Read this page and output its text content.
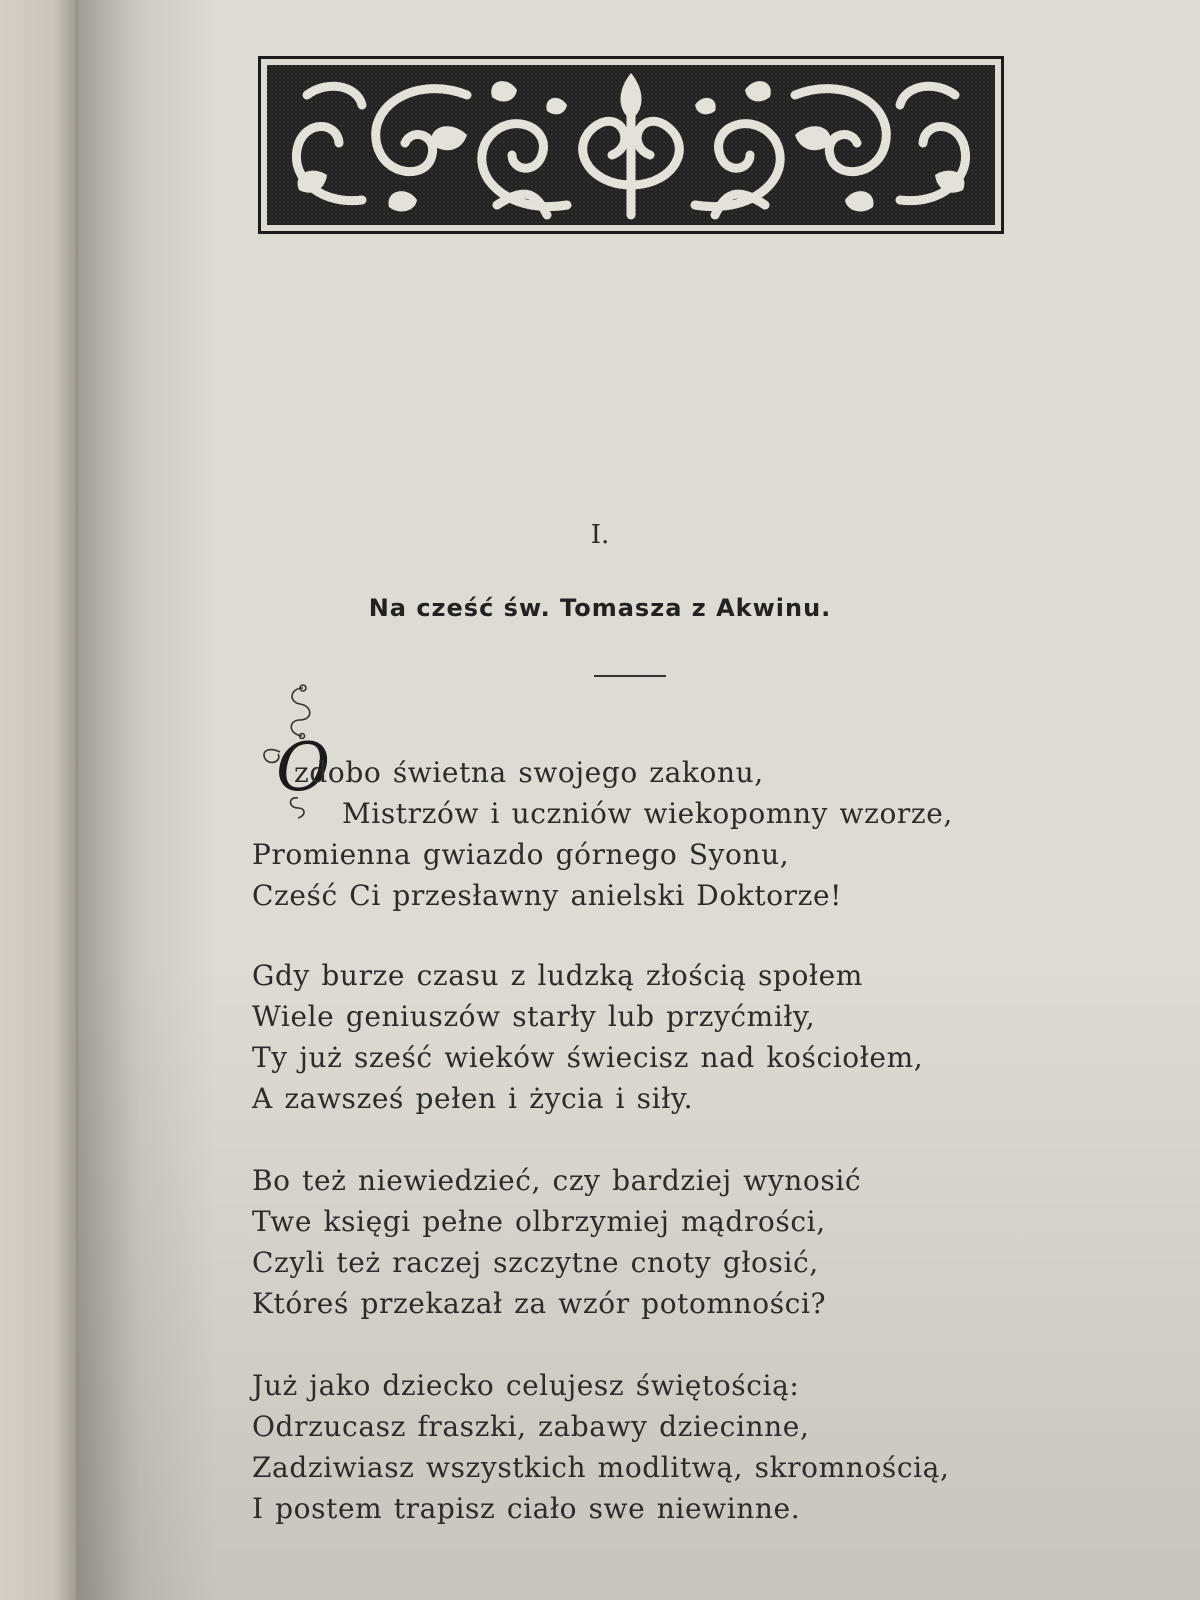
I.
Na cześć św. Tomasza z Akwinu.
O
zdobo świetna swojego zakonu,
Mistrzów i uczniów wiekopomny wzorze,
Promienna gwiazdo górnego Syonu,
Cześć Ci przesławny anielski Doktorze!
Gdy burze czasu z ludzką złością społem
Wiele geniuszów starły lub przyćmiły,
Ty już sześć wieków świecisz nad kościołem,
A zawsześ pełen i życia i siły.
Bo też niewiedzieć, czy bardziej wynosić
Twe księgi pełne olbrzymiej mądrości,
Czyli też raczej szczytne cnoty głosić,
Któreś przekazał za wzór potomności?
Już jako dziecko celujesz świętością:
Odrzucasz fraszki, zabawy dziecinne,
Zadziwiasz wszystkich modlitwą, skromnością,
I postem trapisz ciało swe niewinne.
